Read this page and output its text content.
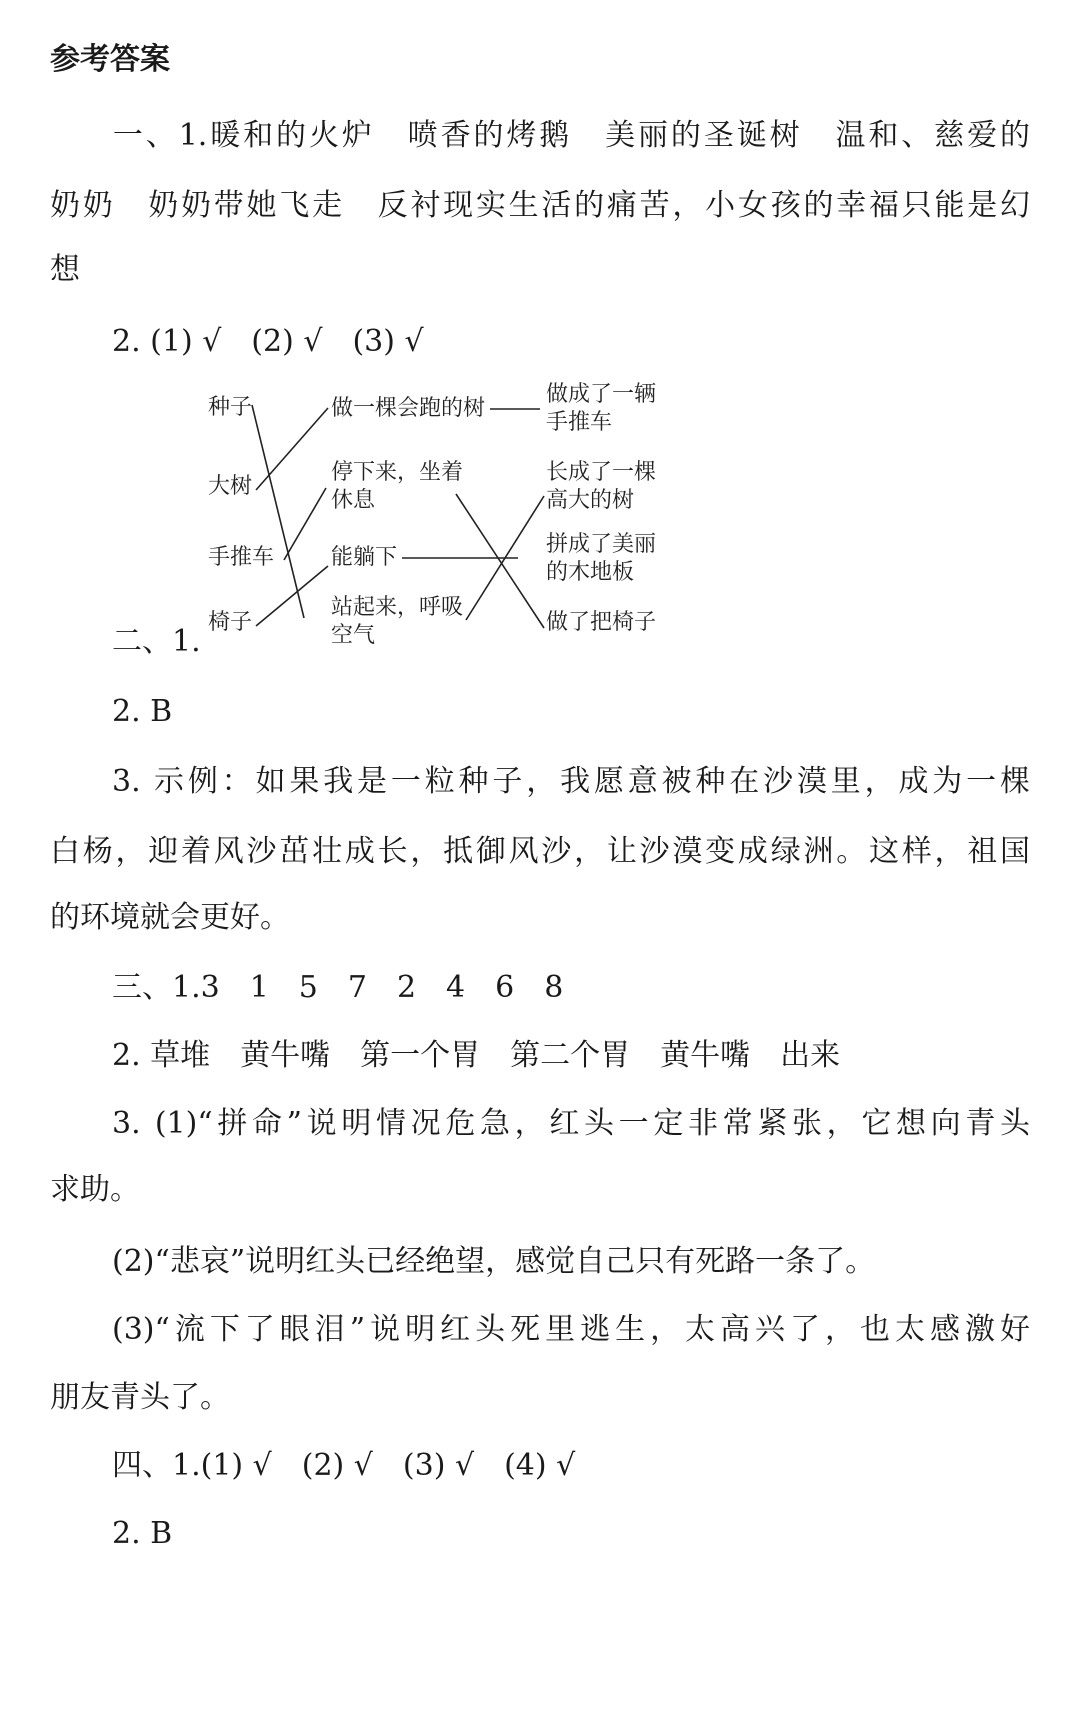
参考答案
一、1.暖和的火炉　喷香的烤鹅　美丽的圣诞树　温和、慈爱的
奶奶　奶奶带她飞走　反衬现实生活的痛苦，小女孩的幸福只能是幻
想
2. (1) √　(2) √　(3) √
二、1.
种子
大树
手推车
椅子
做一棵会跑的树
停下来，坐着
休息
能躺下
站起来，呼吸
空气
做成了一辆
手推车
长成了一棵
高大的树
拼成了美丽
的木地板
做了把椅子
2. B
3. 示例：如果我是一粒种子，我愿意被种在沙漠里，成为一棵
白杨，迎着风沙茁壮成长，抵御风沙，让沙漠变成绿洲。这样，祖国
的环境就会更好。
三、1.3　1　5　7　2　4　6　8
2. 草堆　黄牛嘴　第一个胃　第二个胃　黄牛嘴　出来
3. (1)“拼命”说明情况危急，红头一定非常紧张，它想向青头
求助。
(2)“悲哀”说明红头已经绝望，感觉自己只有死路一条了。
(3)“流下了眼泪”说明红头死里逃生，太高兴了，也太感激好
朋友青头了。
四、1.(1) √　(2) √　(3) √　(4) √
2. B
